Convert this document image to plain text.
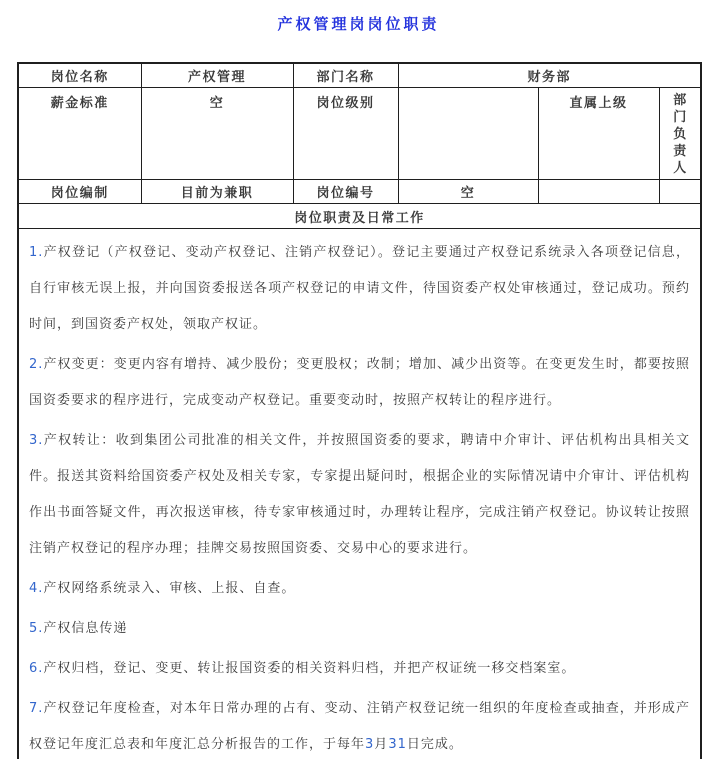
产权管理岗岗位职责
岗位名称	产权管理	部门名称	财务部		
薪金标准	空	岗位级别		直属上级	部门负责人
岗位编制	目前为兼职	岗位编号	空		
岗位职责及日常工作					

1.产权登记（产权登记、变动产权登记、注销产权登记）。登记主要通过产权登记系统录入各项登记信息，自行审核无误上报，并向国资委报送各项产权登记的申请文件，待国资委产权处审核通过，登记成功。预约时间，到国资委产权处，领取产权证。

2.产权变更：变更内容有增持、减少股份；变更股权；改制；增加、减少出资等。在变更发生时，都要按照国资委要求的程序进行，完成变动产权登记。重要变动时，按照产权转让的程序进行。

3.产权转让：收到集团公司批准的相关文件，并按照国资委的要求，聘请中介审计、评估机构出具相关文件。报送其资料给国资委产权处及相关专家，专家提出疑问时，根据企业的实际情况请中介审计、评估机构作出书面答疑文件，再次报送审核，待专家审核通过时，办理转让程序，完成注销产权登记。协议转让按照注销产权登记的程序办理；挂牌交易按照国资委、交易中心的要求进行。

4.产权网络系统录入、审核、上报、自查。

5.产权信息传递

6.产权归档，登记、变更、转让报国资委的相关资料归档，并把产权证统一移交档案室。

7.产权登记年度检查，对本年日常办理的占有、变动、注销产权登记统一组织的年度检查或抽查，并形成产权登记年度汇总表和年度汇总分析报告的工作，于每年3月31日完成。
